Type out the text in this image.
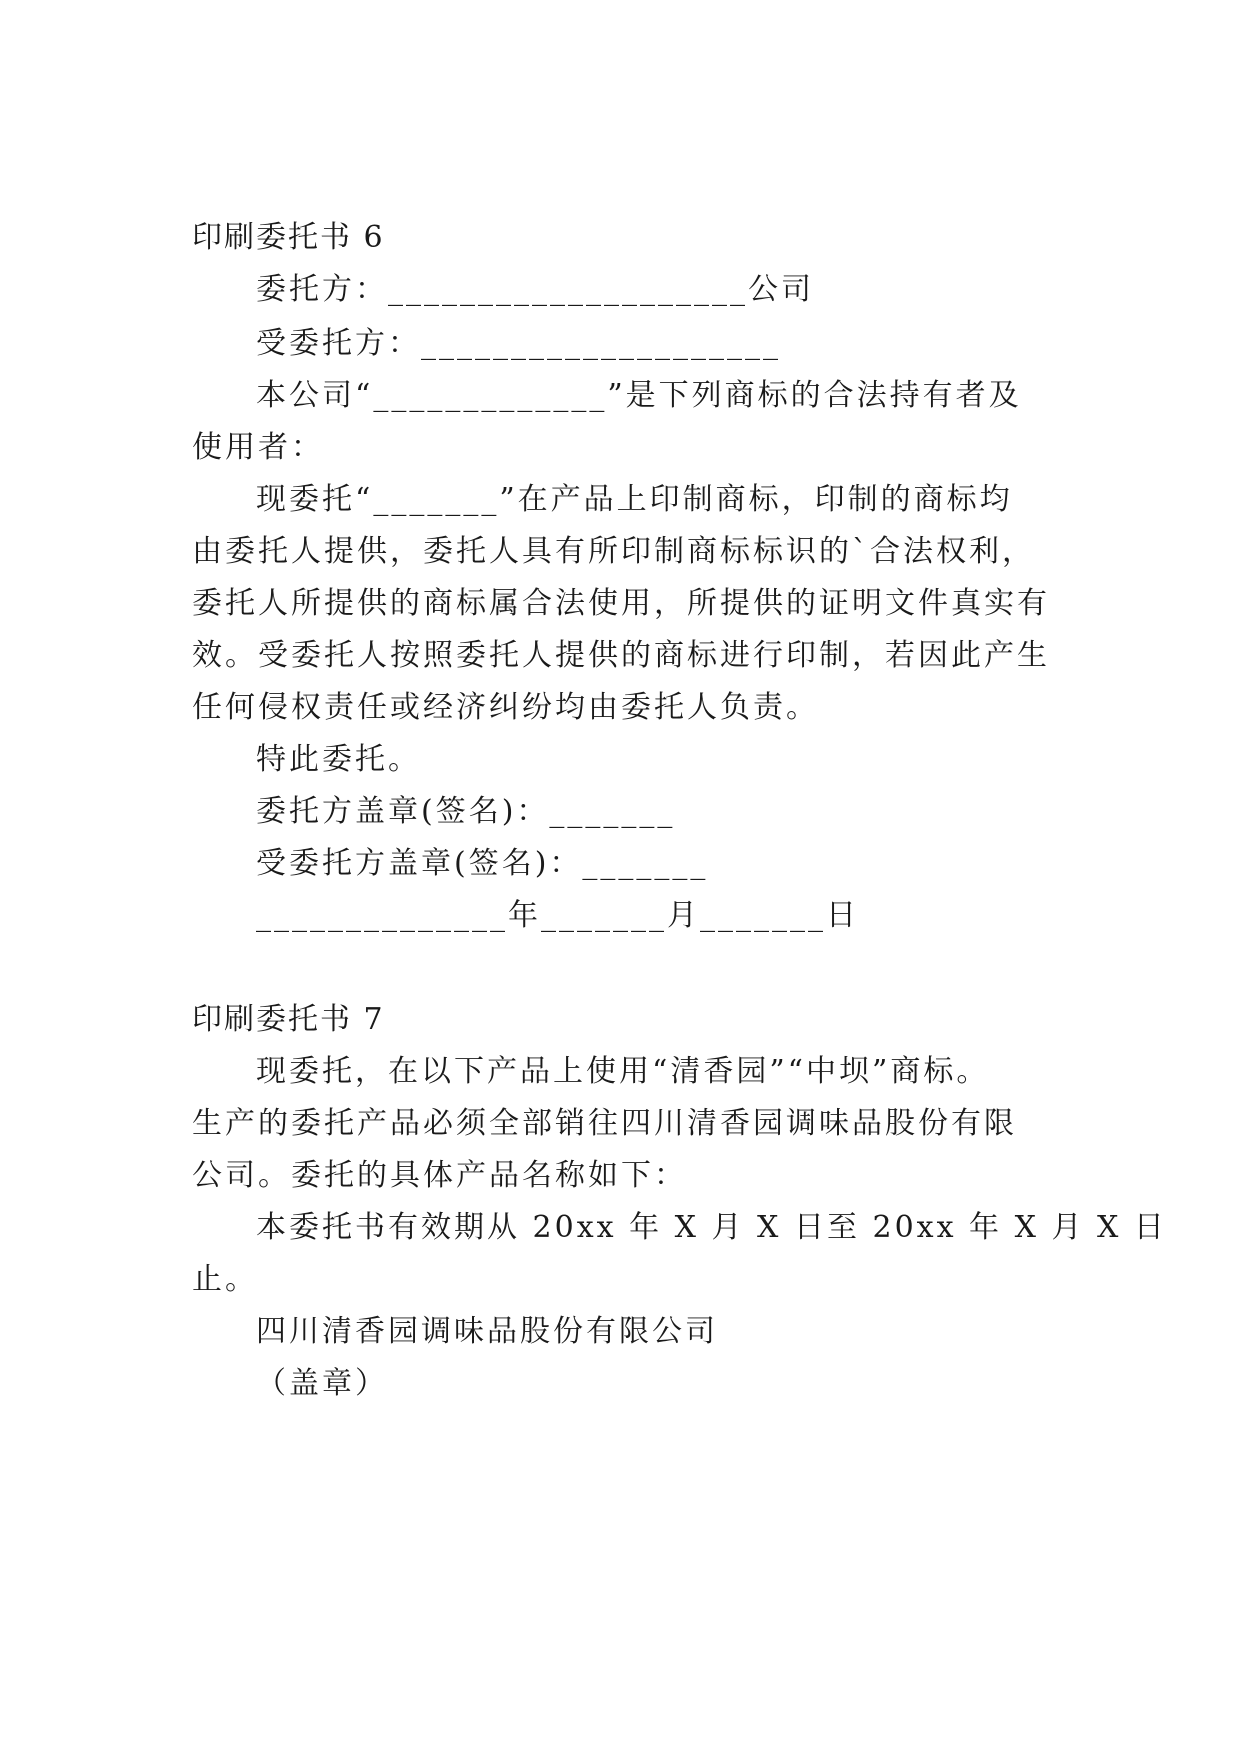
印刷委托书 6
委托方：____________________公司
受委托方：____________________
本公司“_____________”是下列商标的合法持有者及
使用者：
现委托“_______”在产品上印制商标，印制的商标均
由委托人提供，委托人具有所印制商标标识的`合法权利，
委托人所提供的商标属合法使用，所提供的证明文件真实有
效。受委托人按照委托人提供的商标进行印制，若因此产生
任何侵权责任或经济纠纷均由委托人负责。
特此委托。
委托方盖章(签名)：_______
受委托方盖章(签名)：_______
______________年_______月_______日
印刷委托书 7
现委托，在以下产品上使用“清香园”“中坝”商标。
生产的委托产品必须全部销往四川清香园调味品股份有限
公司。委托的具体产品名称如下：
本委托书有效期从 20xx 年 X 月 X 日至 20xx 年 X 月 X 日
止。
四川清香园调味品股份有限公司
（盖章）
